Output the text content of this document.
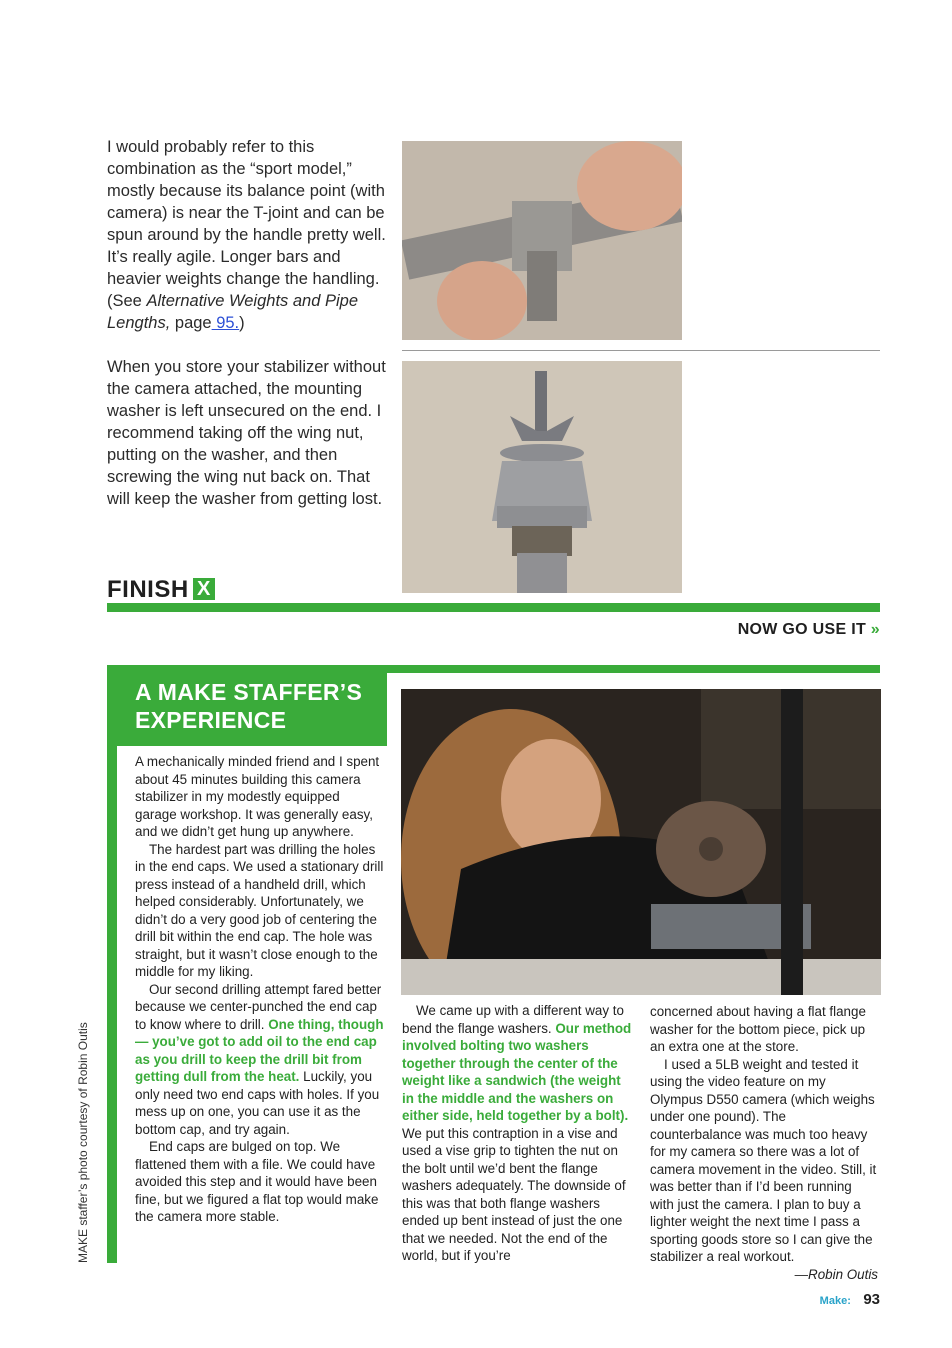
I would probably refer to this combination as the “sport model,” mostly because its balance point (with camera) is near the T-joint and can be spun around by the handle pretty well. It’s really agile. Longer bars and heavier weights change the handling. (See Alternative Weights and Pipe Lengths, page 95.)

When you store your stabilizer without the camera attached, the mounting washer is left unsecured on the end. I recommend taking off the wing nut, putting on the washer, and then screwing the wing nut back on. That will keep the washer from getting lost.

FINISH X
NOW GO USE IT »
A MAKE STAFFER’S
EXPERIENCE

A mechanically minded friend and I spent about 45 minutes building this camera stabilizer in my modestly equipped garage workshop. It was generally easy, and we didn’t get hung up anywhere.

The hardest part was drilling the holes in the end caps. We used a stationary drill press instead of a handheld drill, which helped considerably. Unfortunately, we didn’t do a very good job of centering the drill bit within the end cap. The hole was straight, but it wasn’t close enough to the middle for my liking.

Our second drilling attempt fared better because we center-punched the end cap to know where to drill. One thing, though — you’ve got to add oil to the end cap as you drill to keep the drill bit from getting dull from the heat. Luckily, you only need two end caps with holes. If you mess up on one, you can use it as the bottom cap, and try again.

End caps are bulged on top. We flattened them with a file. We could have avoided this step and it would have been fine, but we figured a flat top would make the camera more stable.

We came up with a different way to bend the flange washers. Our method involved bolting two washers together through the center of the weight like a sandwich (the weight in the middle and the washers on either side, held together by a bolt). We put this contraption in a vise and used a vise grip to tighten the nut on the bolt until we’d bent the flange washers adequately. The downside of this was that both flange washers ended up bent instead of just the one that we needed. Not the end of the world, but if you’re

concerned about having a flat flange washer for the bottom piece, pick up an extra one at the store.

I used a 5LB weight and tested it using the video feature on my Olympus D550 camera (which weighs under one pound). The counterbalance was much too heavy for my camera so there was a lot of camera movement in the video. Still, it was better than if I’d been running with just the camera. I plan to buy a lighter weight the next time I pass a sporting goods store so I can give the stabilizer a real workout.

—Robin Outis

MAKE staffer’s photo courtesy of Robin Outis
Make: 93
